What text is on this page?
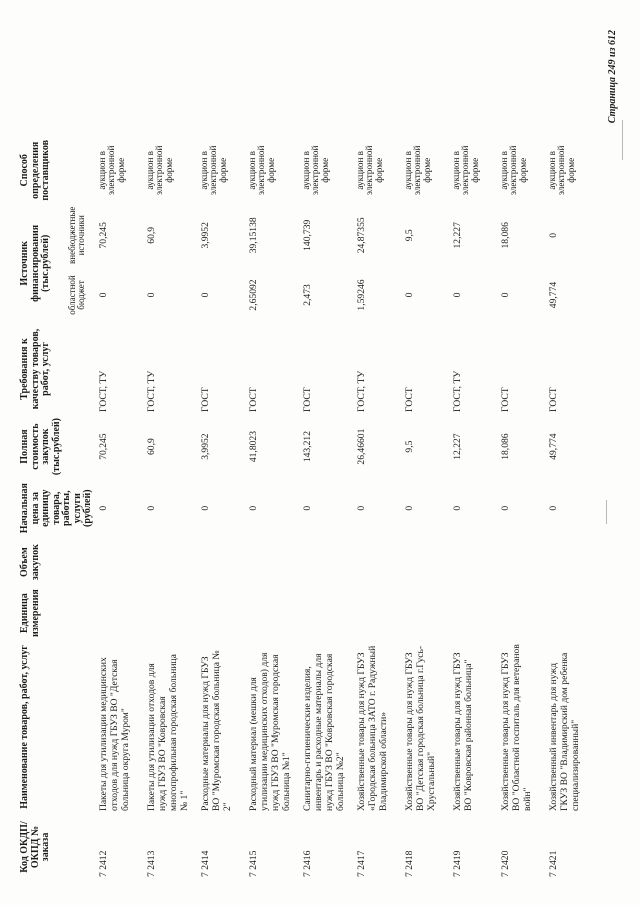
Код ОКДП/ ОКПД № заказа	Наименование товаров, работ, услуг	Единица измерения	Объем закупок	Начальная цена за единицу товара, работы, услуги (рублей)	Полная стоимость закупок (тыс.рублей)	Требования к качеству товаров, работ, услуг	Источник финансирования (тыс.рублей)		Способ определения поставщиков
							областной бюджет	внебюджетные источники	
7 2412	Пакеты для утилизации медицинских отходов для нужд ГБУЗ ВО "Детская больница округа Муром"			0	70,245	ГОСТ, ТУ	0	70,245	аукцион в электронной форме
7 2413	Пакеты для утилизации отходов для нужд ГБУЗ ВО "Ковровская многопрофильная городская больница № 1"			0	60,9	ГОСТ, ТУ	0	60,9	аукцион в электронной форме
7 2414	Расходные материалы для нужд ГБУЗ ВО "Муромская городская больница № 2"			0	3,9952	ГОСТ	0	3,9952	аукцион в электронной форме
7 2415	Расходный материал (мешки для утилизации медицинских отходов) для нужд ГБУЗ ВО "Муромская городская больница №1"			0	41,8023	ГОСТ	2,65092	39,15138	аукцион в электронной форме
7 2416	Санитарно-гигиенические изделия, инвентарь и расходные материалы для нужд ГБУЗ ВО "Ковровская городская больница №2"			0	143,212	ГОСТ	2,473	140,739	аукцион в электронной форме
7 2417	Хозяйственные товары для нужд ГБУЗ «Городская больница ЗАТО г. Радужный Владимирской области»			0	26,46601	ГОСТ, ТУ	1,59246	24,87355	аукцион в электронной форме
7 2418	Хозяйственные товары для нужд ГБУЗ ВО "Детская городская больница г.Гусь-Хрустальный"			0	9,5	ГОСТ	0	9,5	аукцион в электронной форме
7 2419	Хозяйственные товары для нужд ГБУЗ ВО "Ковровская районная больница"			0	12,227	ГОСТ, ТУ	0	12,227	аукцион в электронной форме
7 2420	Хозяйственные товары для нужд ГБУЗ ВО "Областной госпиталь для ветеранов войн"			0	18,086	ГОСТ	0	18,086	аукцион в электронной форме
7 2421	Хозяйственный инвентарь для нужд ГКУЗ ВО "Владимирский дом ребенка специализированный"			0	49,774	ГОСТ	49,774	0	аукцион в электронной форме
Страница 249 из 612
